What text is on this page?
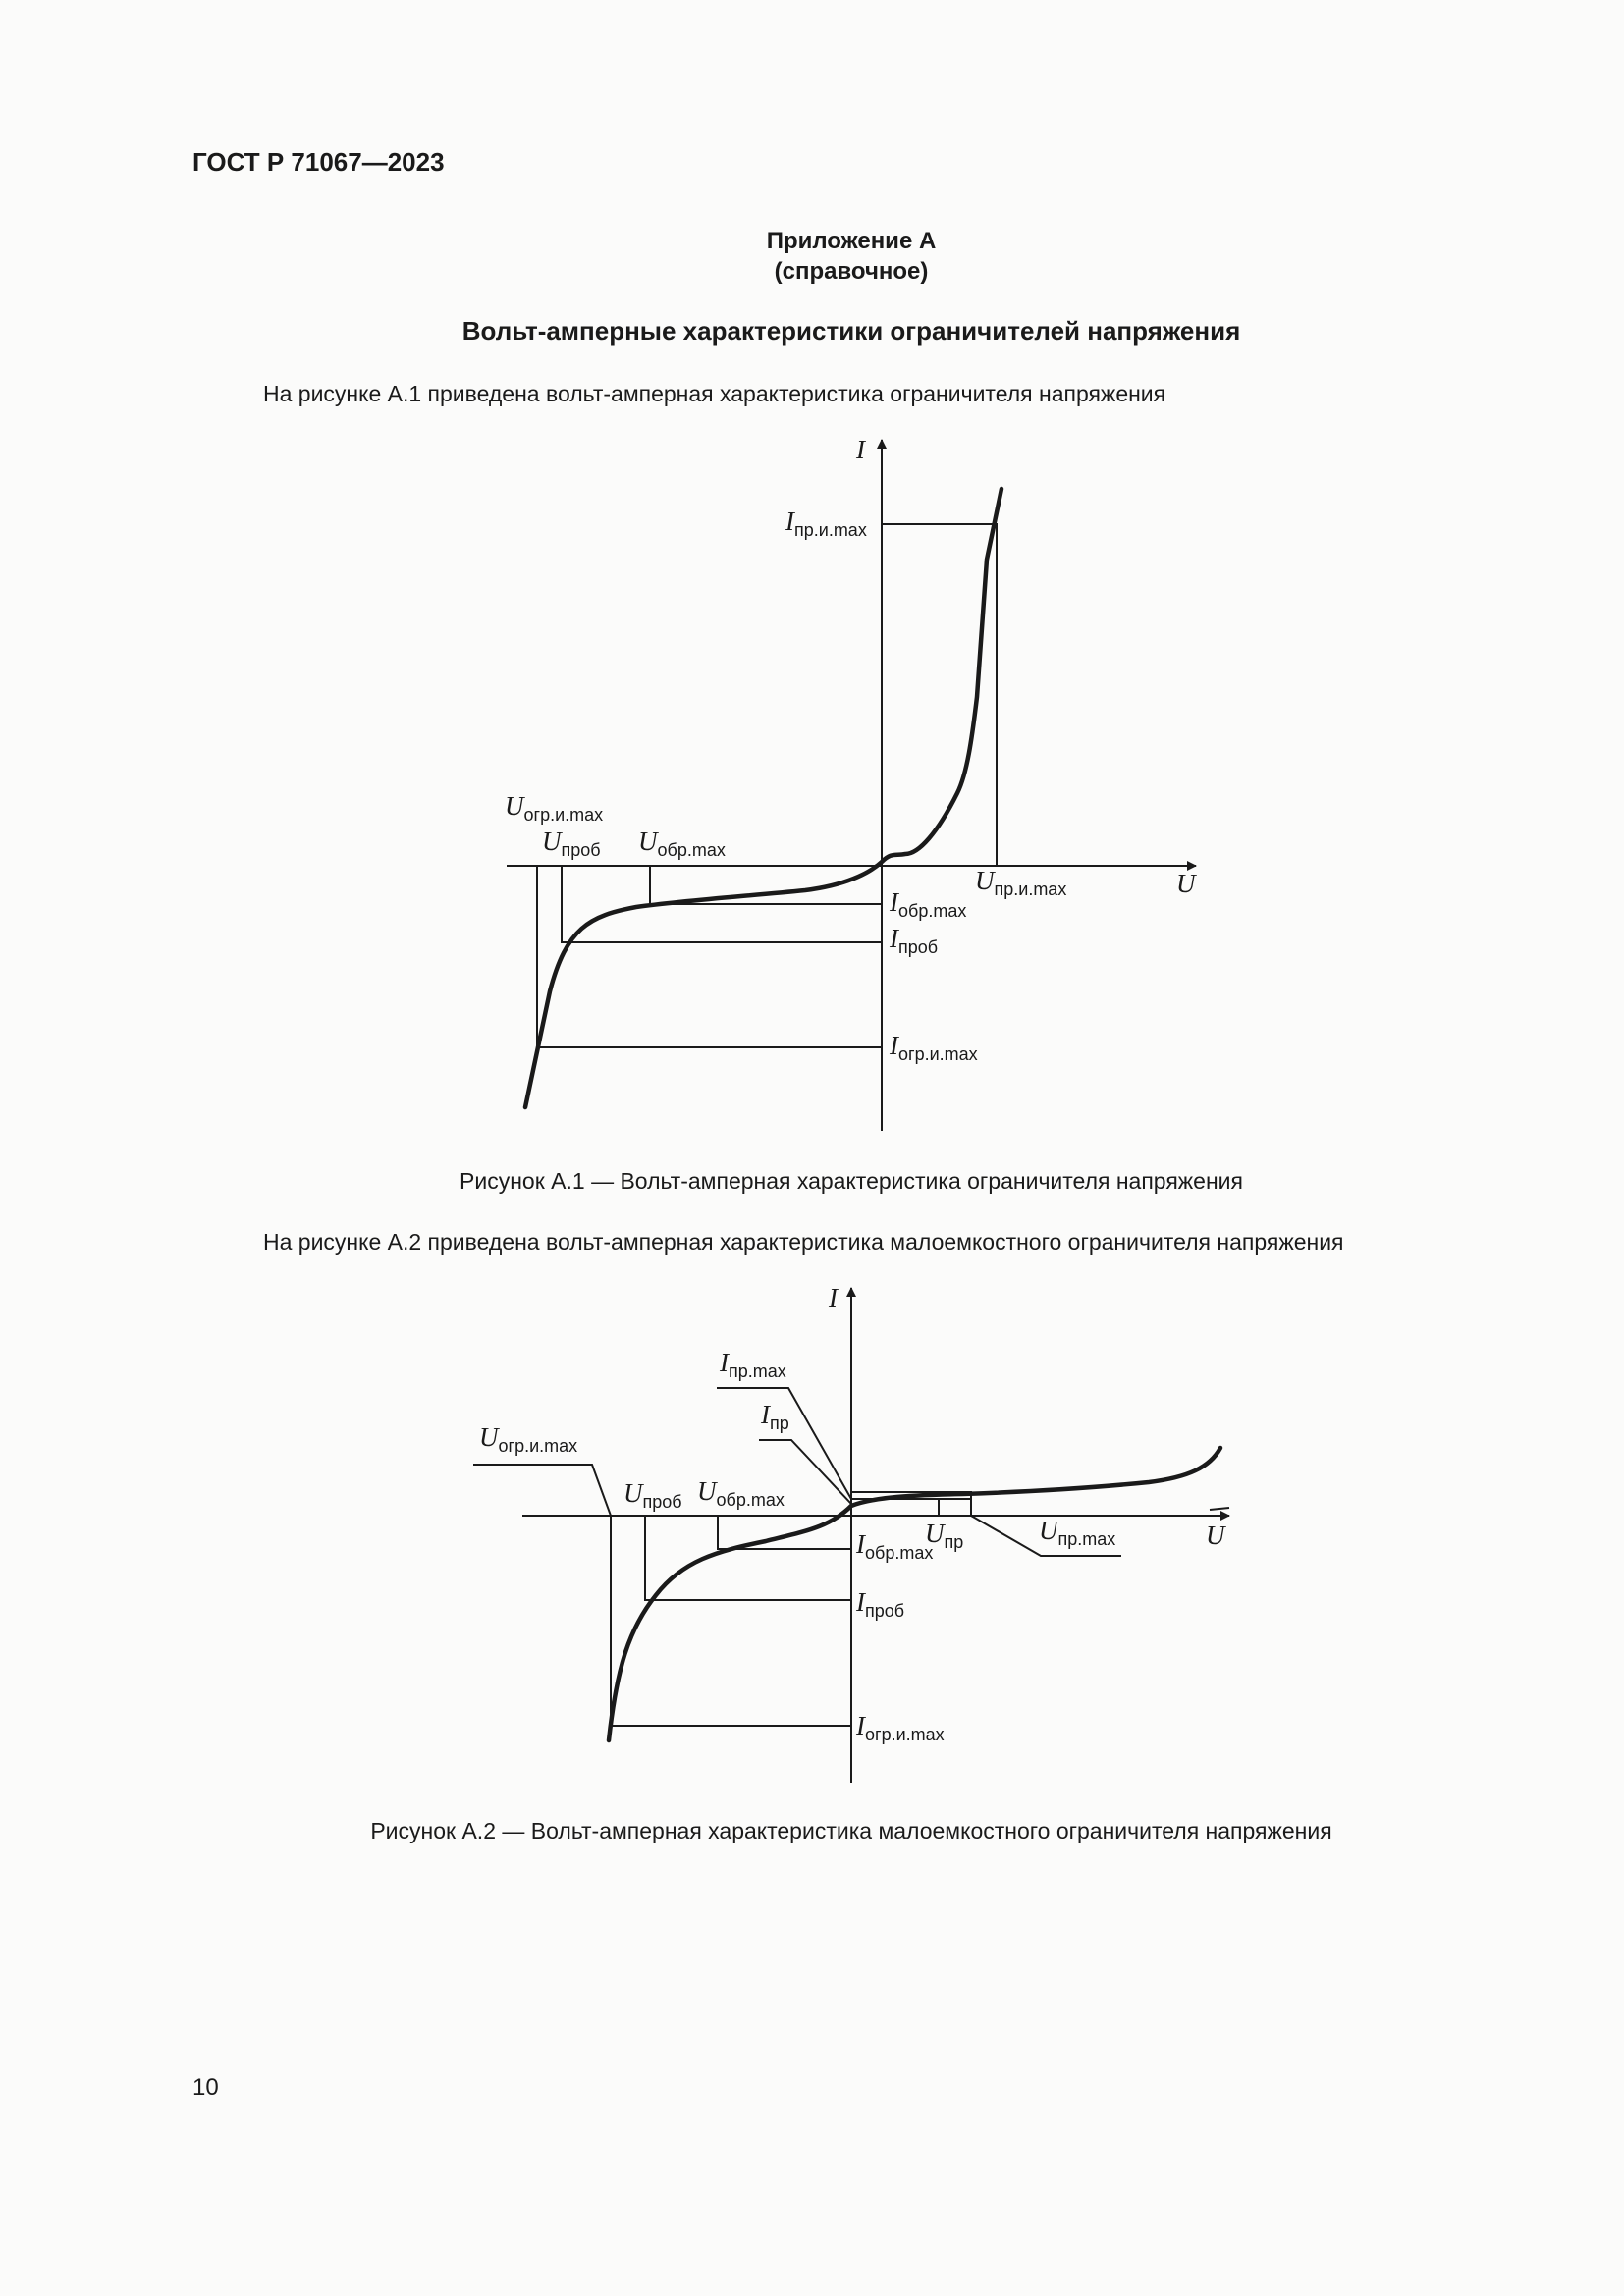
ГОСТ Р 71067—2023
Приложение А
(справочное)
Вольт-амперные характеристики ограничителей напряжения
На рисунке А.1 приведена вольт-амперная характеристика ограничителя напряжения
I
U
$I_{пр.и.max}$
$U_{огр.и.max}$
$U_{проб}$ $U_{обр.max}$
$U_{пр.и.max}$
$I_{обр.max}$
$I_{проб}$
$I_{огр.и.max}$
Рисунок А.1 — Вольт-амперная характеристика ограничителя напряжения
На рисунке А.2 приведена вольт-амперная характеристика малоемкостного ограничителя напряжения
I
U
$I_{пр.max}$
$I_{пр}$
$U_{огр.и.max}$
$U_{проб}$ $U_{обр.max}$
$I_{обр.max}$
$U_{пр}$	$U_{пр.max}$
$I_{проб}$
$I_{огр.и.max}$
Рисунок А.2 — Вольт-амперная характеристика малоемкостного ограничителя напряжения
10
